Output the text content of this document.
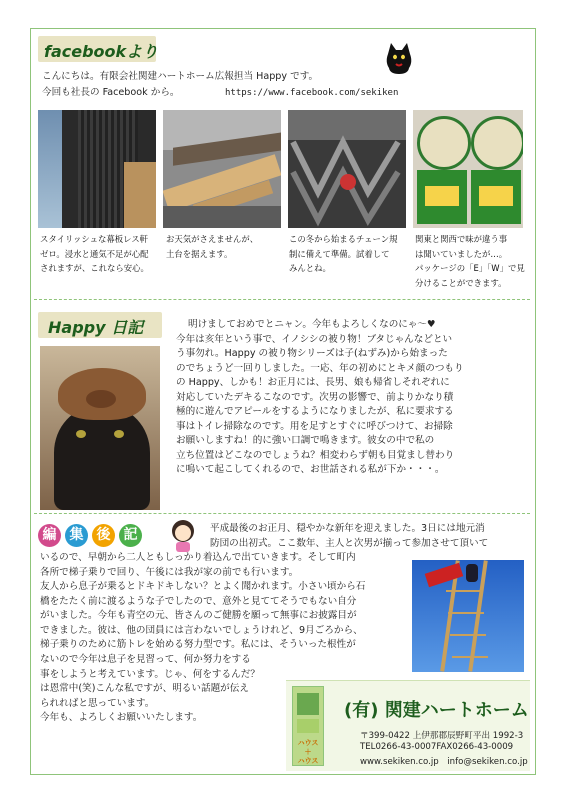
facebookより
こんにちは。有限会社関建ハートホーム広報担当 Happy です。
今回も社長の Facebook から。	https://www.facebook.com/sekiken
スタイリッシュな幕板レス軒
ゼロ。浸水と通気不足が心配
されますが、これなら安心。
お天気がさえませんが、
土台を据えます。
この冬から始まるチェーン規
制に備えて準備。試着して
みんとね。
関東と関西で味が違う事
は聞いていましたが…。
パッケージの「E」「W」で見
分けることができます。
Happy 日記	明けましておめでとニャン。今年もよろしくなのにゃ〜♥
今年は亥年という事で、イノシシの被り物！ブタじゃんなどとい
う事勿れ。Happy の被り物シリーズは子(ねずみ)から始まった
のでちょうど一回りしました。一応、年の初めにとキメ顔のつもり
の Happy、しかも！お正月には、長男、娘も帰省しそれぞれに
対応していたデキるこなのです。次男の影響で、前よりかなり積
極的に遊んでアピールをするようになりましたが、私に要求する
事はトイレ掃除なのです。用を足すとすぐに呼びつけて、お掃除
お願いしますね！的に強い口調で鳴きます。彼女の中で私の
立ち位置はどこなのでしょうね？相変わらず朝も目覚まし替わり
に鳴いて起こしてくれるので、お世話される私が下か・・・。
編 集 後 記	平成最後のお正月、穏やかな新年を迎えました。3日には地元消
防団の出初式。ここ数年、主人と次男が揃って参加させて頂いて
いるので、早朝から二人ともしっかり着込んで出ていきます。そして町内
各所で梯子乗りで回り、午後には我が家の前でも行います。
友人から息子が乗るとドキドキしない？とよく聞かれます。小さい頃から石
橋をたたく前に渡るような子でしたので、意外と見ててそうでもない自分
がいました。今年も青空の元、皆さんのご健勝を願って無事にお披露目が
できました。彼は、他の団員には言わないでしょうけれど、9月ごろから、
梯子乗りのために筋トレを始める努力型です。私には、そういった根性が
ないので今年は息子を見習って、何か努力をする
事をしようと考えています。じゃ、何をするんだ？
は恩常中(笑)こんな私ですが、明るい話題が伝え
られればと思っています。
今年も、よろしくお願いいたします。
ハウス
＋
ハウス
(有) 関建ハートホーム
〒399-0422 上伊那郡辰野町平出 1992-3
TEL0266-43-0007FAX0266-43-0009
www.sekiken.co.jp　info@sekiken.co.jp
